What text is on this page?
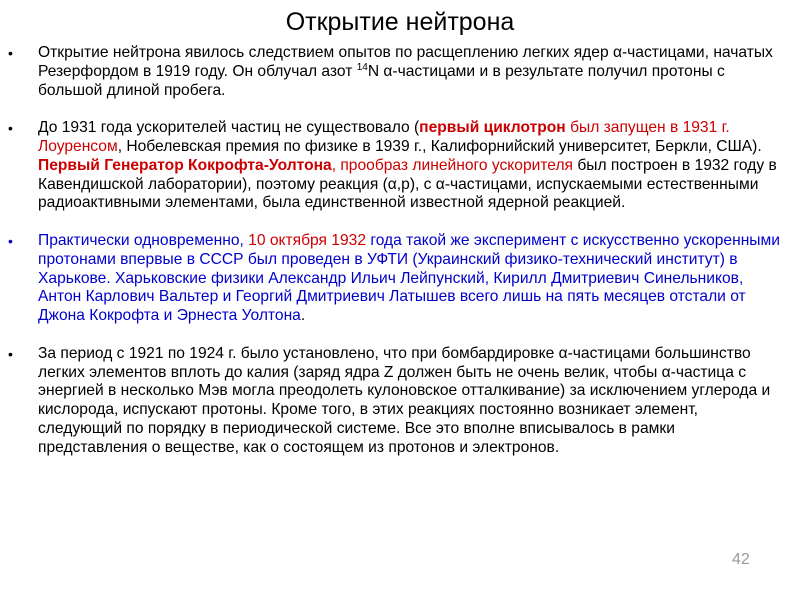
Открытие нейтрона
• Открытие нейтрона явилось следствием опытов по расщеплению легких ядер α-частицами, начатых Резерфордом в 1919 году. Он облучал азот $^{14}$N α-частицами и в результате получил протоны с большой длиной пробега.
• До 1931 года ускорителей частиц не существовало (первый циклотрон был запущен в 1931 г. Лоуренсом, Нобелевская премия по физике в 1939 г., Калифорнийский университет, Беркли, США). Первый Генератор Кокрофта-Уолтона, прообраз линейного ускорителя был построен в 1932 году в Кавендишской лаборатории), поэтому реакция (α,p), с α-частицами, испускаемыми естественными радиоактивными элементами, была единственной известной ядерной реакцией.
• Практически одновременно, 10 октября 1932 года такой же эксперимент с искусственно ускоренными протонами впервые в СССР был проведен в УФТИ (Украинский физико-технический институт) в Харькове. Харьковские физики Александр Ильич Лейпунский, Кирилл Дмитриевич Синельников, Антон Карлович Вальтер и Георгий Дмитриевич Латышев всего лишь на пять месяцев отстали от Джона Кокрофта и Эрнеста Уолтона.
• За период с 1921 по 1924 г. было установлено, что при бомбардировке α-частицами большинство легких элементов вплоть до калия (заряд ядра Z должен быть не очень велик, чтобы α-частица с энергией в несколько Мэв могла преодолеть кулоновское отталкивание) за исключением углерода и кислорода, испускают протоны. Кроме того, в этих реакциях постоянно возникает элемент, следующий по порядку в периодической системе. Все это вполне вписывалось в рамки представления о веществе, как о состоящем из протонов и электронов.
42
